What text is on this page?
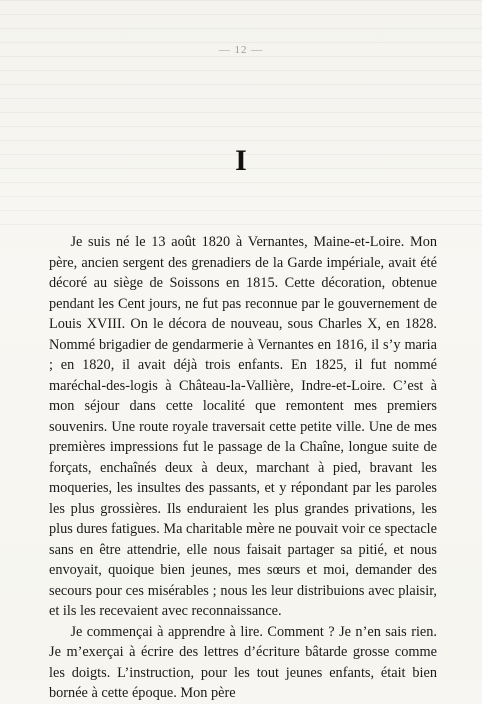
— 12 —
I

Je suis né le 13 août 1820 à Vernantes, Maine-et-Loire. Mon père, ancien sergent des grenadiers de la Garde impériale, avait été décoré au siège de Soissons en 1815. Cette décoration, obtenue pendant les Cent jours, ne fut pas reconnue par le gouvernement de Louis XVIII. On le décora de nouveau, sous Charles X, en 1828. Nommé brigadier de gendarmerie à Vernantes en 1816, il s’y maria ; en 1820, il avait déjà trois enfants. En 1825, il fut nommé maréchal-des-logis à Château-la-Vallière, Indre-et-Loire. C’est à mon séjour dans cette localité que remontent mes premiers souvenirs. Une route royale traversait cette petite ville. Une de mes premières impressions fut le passage de la Chaîne, longue suite de forçats, enchaînés deux à deux, marchant à pied, bravant les moqueries, les insultes des passants, et y répondant par les paroles les plus grossières. Ils enduraient les plus grandes privations, les plus dures fatigues. Ma charitable mère ne pouvait voir ce spectacle sans en être attendrie, elle nous faisait partager sa pitié, et nous envoyait, quoique bien jeunes, mes sœurs et moi, demander des secours pour ces misérables ; nous les leur distribuions avec plaisir, et ils les recevaient avec reconnaissance.

Je commençai à apprendre à lire. Comment ? Je n’en sais rien. Je m’exerçai à écrire des lettres d’écriture bâtarde grosse comme les doigts. L’instruction, pour les tout jeunes enfants, était bien bornée à cette époque. Mon père
